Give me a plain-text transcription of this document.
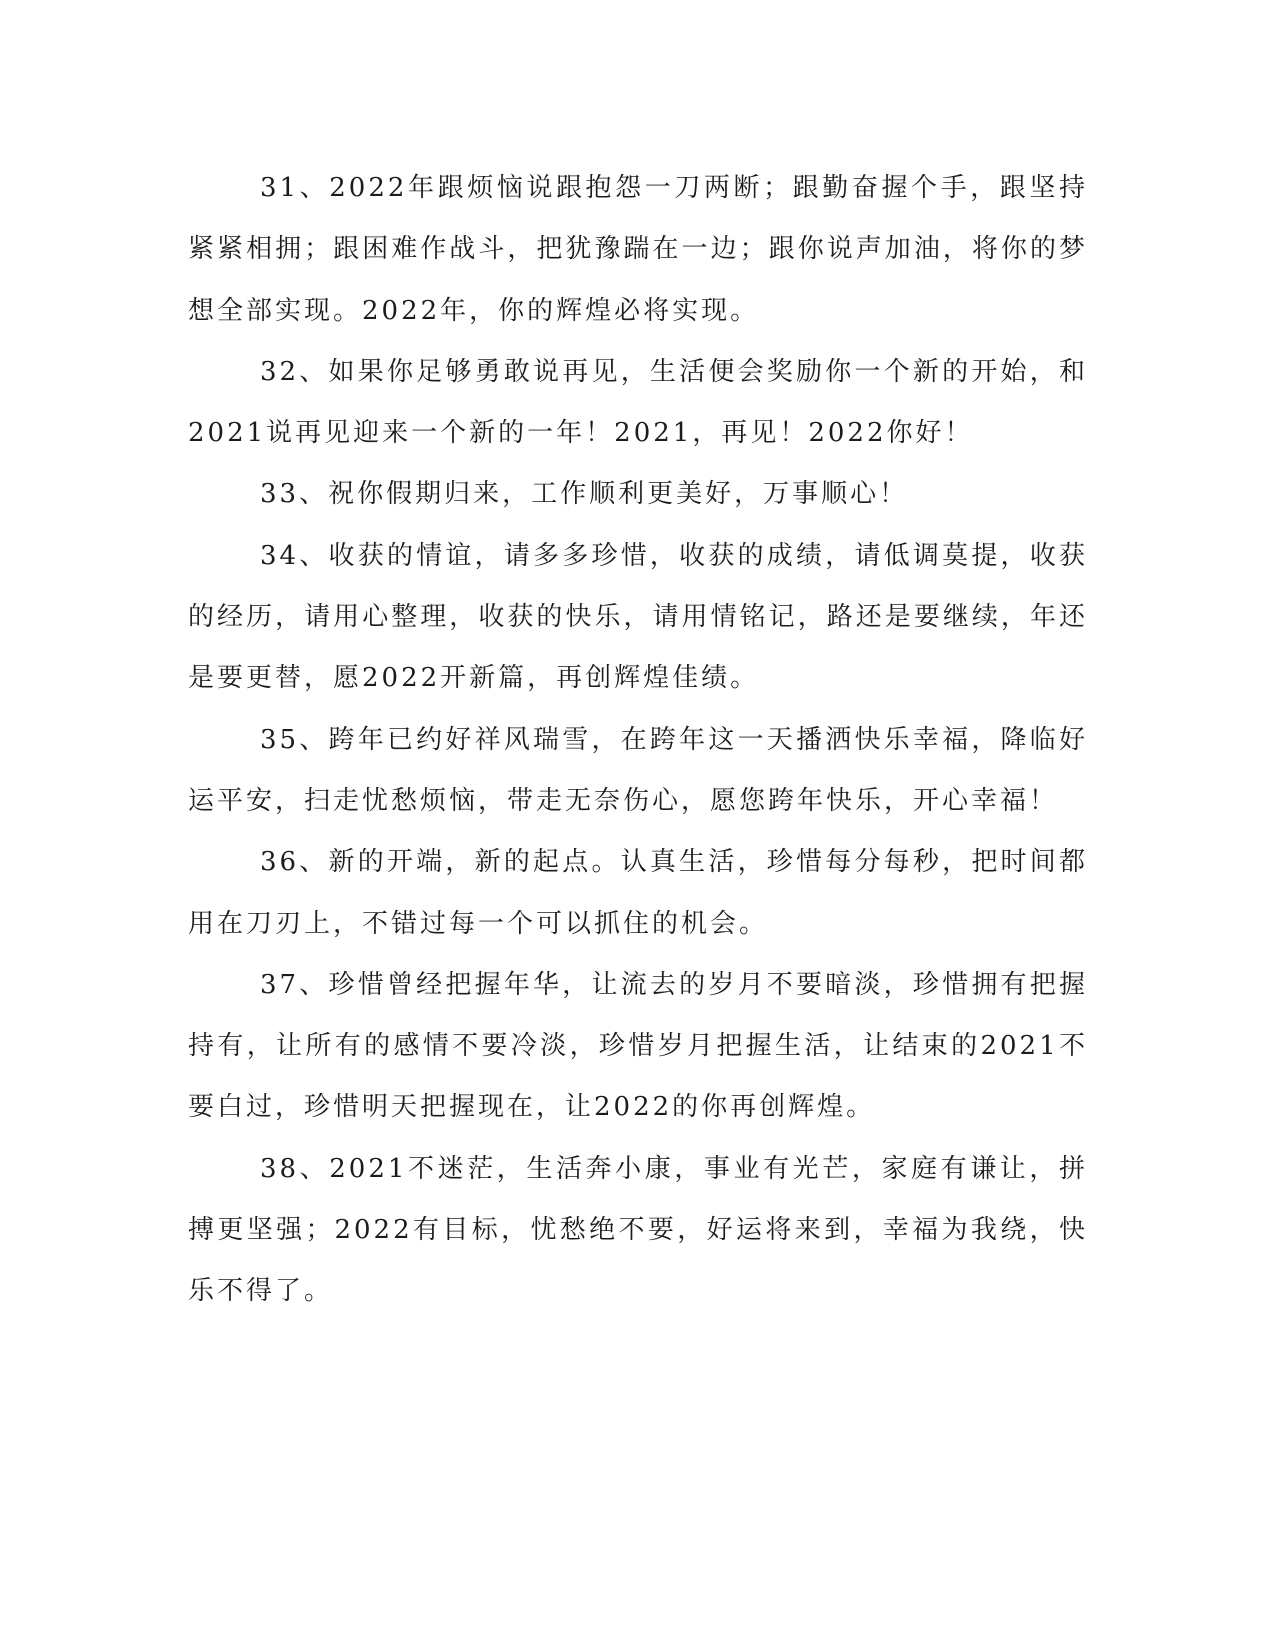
31、2022年跟烦恼说跟抱怨一刀两断；跟勤奋握个手，跟坚持紧紧相拥；跟困难作战斗，把犹豫踹在一边；跟你说声加油，将你的梦想全部实现。2022年，你的辉煌必将实现。

32、如果你足够勇敢说再见，生活便会奖励你一个新的开始，和2021说再见迎来一个新的一年！2021，再见！2022你好！

33、祝你假期归来，工作顺利更美好，万事顺心！

34、收获的情谊，请多多珍惜，收获的成绩，请低调莫提，收获的经历，请用心整理，收获的快乐，请用情铭记，路还是要继续，年还是要更替，愿2022开新篇，再创辉煌佳绩。

35、跨年已约好祥风瑞雪，在跨年这一天播洒快乐幸福，降临好运平安，扫走忧愁烦恼，带走无奈伤心，愿您跨年快乐，开心幸福！

36、新的开端，新的起点。认真生活，珍惜每分每秒，把时间都用在刀刃上，不错过每一个可以抓住的机会。

37、珍惜曾经把握年华，让流去的岁月不要暗淡，珍惜拥有把握持有，让所有的感情不要冷淡，珍惜岁月把握生活，让结束的2021不要白过，珍惜明天把握现在，让2022的你再创辉煌。

38、2021不迷茫，生活奔小康，事业有光芒，家庭有谦让，拼搏更坚强；2022有目标，忧愁绝不要，好运将来到，幸福为我绕，快乐不得了。
